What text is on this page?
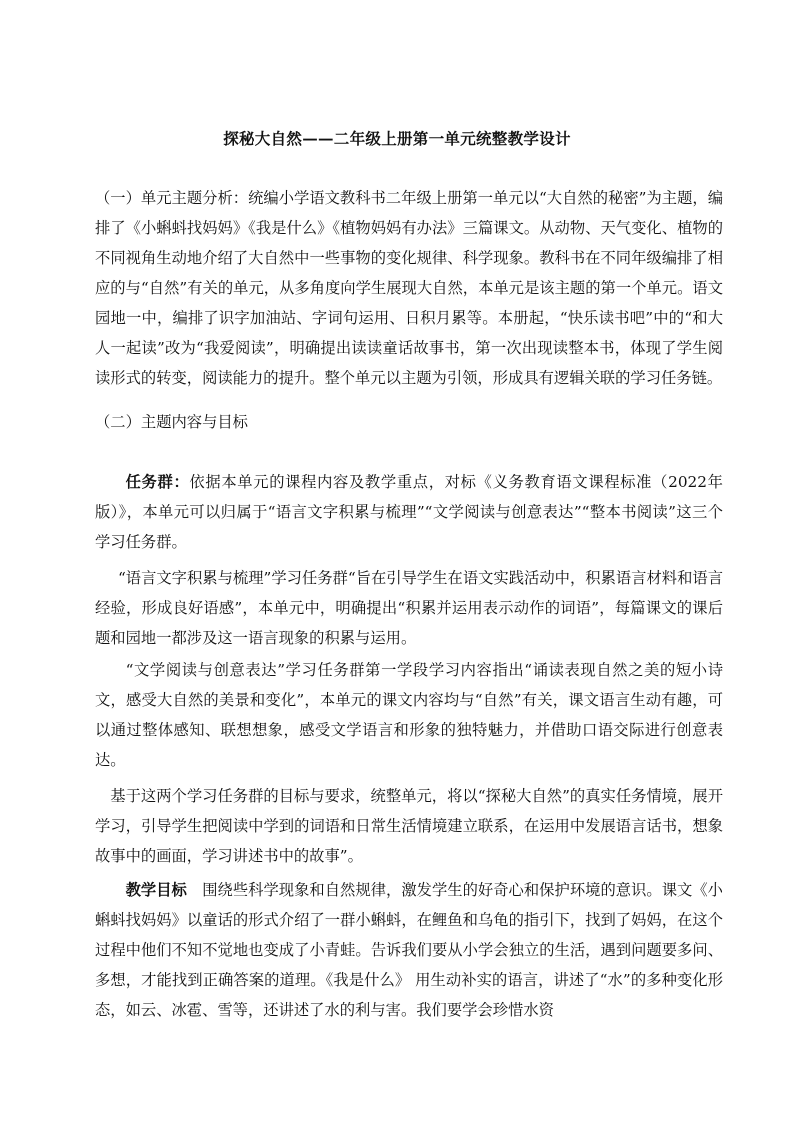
探秘大自然——二年级上册第一单元统整教学设计

（一）单元主题分析：统编小学语文教科书二年级上册第一单元以“大自然的秘密”为主题，编排了《小蝌蚪找妈妈》《我是什么》《植物妈妈有办法》三篇课文。从动物、天气变化、植物的不同视角生动地介绍了大自然中一些事物的变化规律、科学现象。教科书在不同年级编排了相应的与“自然”有关的单元，从多角度向学生展现大自然，本单元是该主题的第一个单元。语文园地一中，编排了识字加油站、字词句运用、日积月累等。本册起，“快乐读书吧”中的“和大人一起读”改为“我爱阅读”，明确提出读读童话故事书，第一次出现读整本书，体现了学生阅读形式的转变，阅读能力的提升。整个单元以主题为引领，形成具有逻辑关联的学习任务链。

（二）主题内容与目标

任务群：依据本单元的课程内容及教学重点，对标《义务教育语文课程标准（2022年版）》，本单元可以归属于“语言文字积累与梳理”“文学阅读与创意表达”“整本书阅读”这三个学习任务群。

“语言文字积累与梳理”学习任务群“旨在引导学生在语文实践活动中，积累语言材料和语言经验，形成良好语感”，本单元中，明确提出“积累并运用表示动作的词语”，每篇课文的课后题和园地一都涉及这一语言现象的积累与运用。

“文学阅读与创意表达”学习任务群第一学段学习内容指出“诵读表现自然之美的短小诗文，感受大自然的美景和变化”，本单元的课文内容均与“自然”有关，课文语言生动有趣，可以通过整体感知、联想想象，感受文学语言和形象的独特魅力，并借助口语交际进行创意表达。

基于这两个学习任务群的目标与要求，统整单元，将以“探秘大自然”的真实任务情境，展开学习，引导学生把阅读中学到的词语和日常生活情境建立联系，在运用中发展语言话书，想象故事中的画面，学习讲述书中的故事”。

教学目标  围绕些科学现象和自然规律，激发学生的好奇心和保护环境的意识。课文《小蝌蚪找妈妈》以童话的形式介绍了一群小蝌蚪，在鲤鱼和乌龟的指引下，找到了妈妈，在这个过程中他们不知不觉地也变成了小青蛙。告诉我们要从小学会独立的生活，遇到问题要多问、多想，才能找到正确答案的道理。《我是什么》 用生动补实的语言，讲述了“水”的多种变化形态，如云、冰雹、雪等，还讲述了水的利与害。我们要学会珍惜水资
